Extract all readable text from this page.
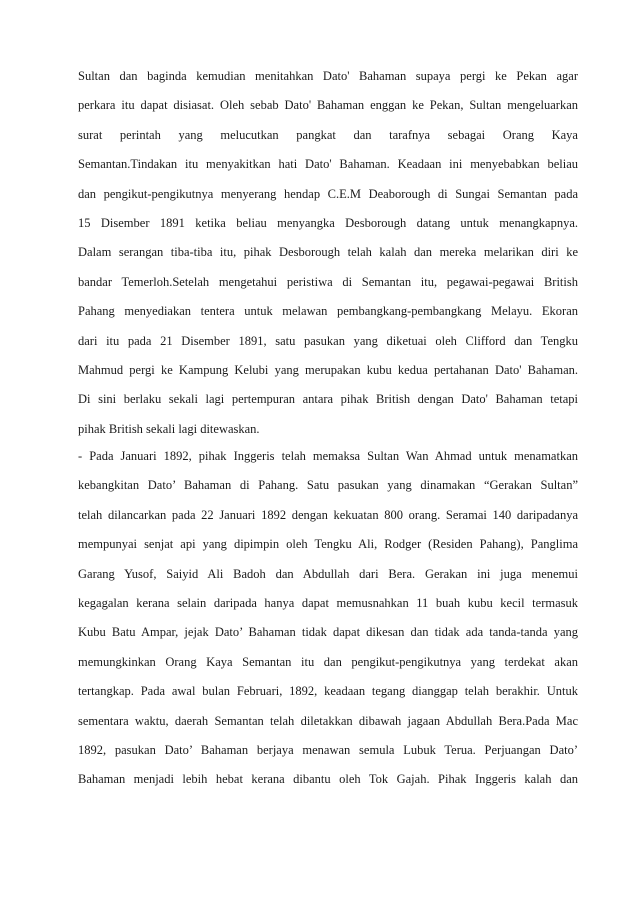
Sultan dan baginda kemudian menitahkan Dato' Bahaman supaya pergi ke Pekan agar
perkara itu dapat disiasat. Oleh sebab Dato' Bahaman enggan ke Pekan, Sultan mengeluarkan
surat perintah yang melucutkan pangkat dan tarafnya sebagai Orang Kaya
Semantan.Tindakan itu menyakitkan hati Dato' Bahaman. Keadaan ini menyebabkan beliau
dan pengikut-pengikutnya menyerang hendap C.E.M Deaborough di Sungai Semantan pada
15 Disember 1891 ketika beliau menyangka Desborough datang untuk menangkapnya.
Dalam serangan tiba-tiba itu, pihak Desborough telah kalah dan mereka melarikan diri ke
bandar Temerloh.Setelah mengetahui peristiwa di Semantan itu, pegawai-pegawai British
Pahang menyediakan tentera untuk melawan pembangkang-pembangkang Melayu. Ekoran
dari itu pada 21 Disember 1891, satu pasukan yang diketuai oleh Clifford dan Tengku
Mahmud pergi ke Kampung Kelubi yang merupakan kubu kedua pertahanan Dato' Bahaman.
Di sini berlaku sekali lagi pertempuran antara pihak British dengan Dato' Bahaman tetapi
pihak British sekali lagi ditewaskan.
- Pada Januari 1892, pihak Inggeris telah memaksa Sultan Wan Ahmad untuk menamatkan
kebangkitan Dato’ Bahaman di Pahang. Satu pasukan yang dinamakan “Gerakan Sultan”
telah dilancarkan pada 22 Januari 1892 dengan kekuatan 800 orang. Seramai 140 daripadanya
mempunyai senjat api yang dipimpin oleh Tengku Ali, Rodger (Residen Pahang), Panglima
Garang Yusof, Saiyid Ali Badoh dan Abdullah dari Bera. Gerakan ini juga menemui
kegagalan kerana selain daripada hanya dapat memusnahkan 11 buah kubu kecil termasuk
Kubu Batu Ampar, jejak Dato’ Bahaman tidak dapat dikesan dan tidak ada tanda-tanda yang
memungkinkan Orang Kaya Semantan itu dan pengikut-pengikutnya yang terdekat akan
tertangkap. Pada awal bulan Februari, 1892, keadaan tegang dianggap telah berakhir. Untuk
sementara waktu, daerah Semantan telah diletakkan dibawah jagaan Abdullah Bera.Pada Mac
1892, pasukan Dato’ Bahaman berjaya menawan semula Lubuk Terua. Perjuangan Dato’
Bahaman menjadi lebih hebat kerana dibantu oleh Tok Gajah. Pihak Inggeris kalah dan
